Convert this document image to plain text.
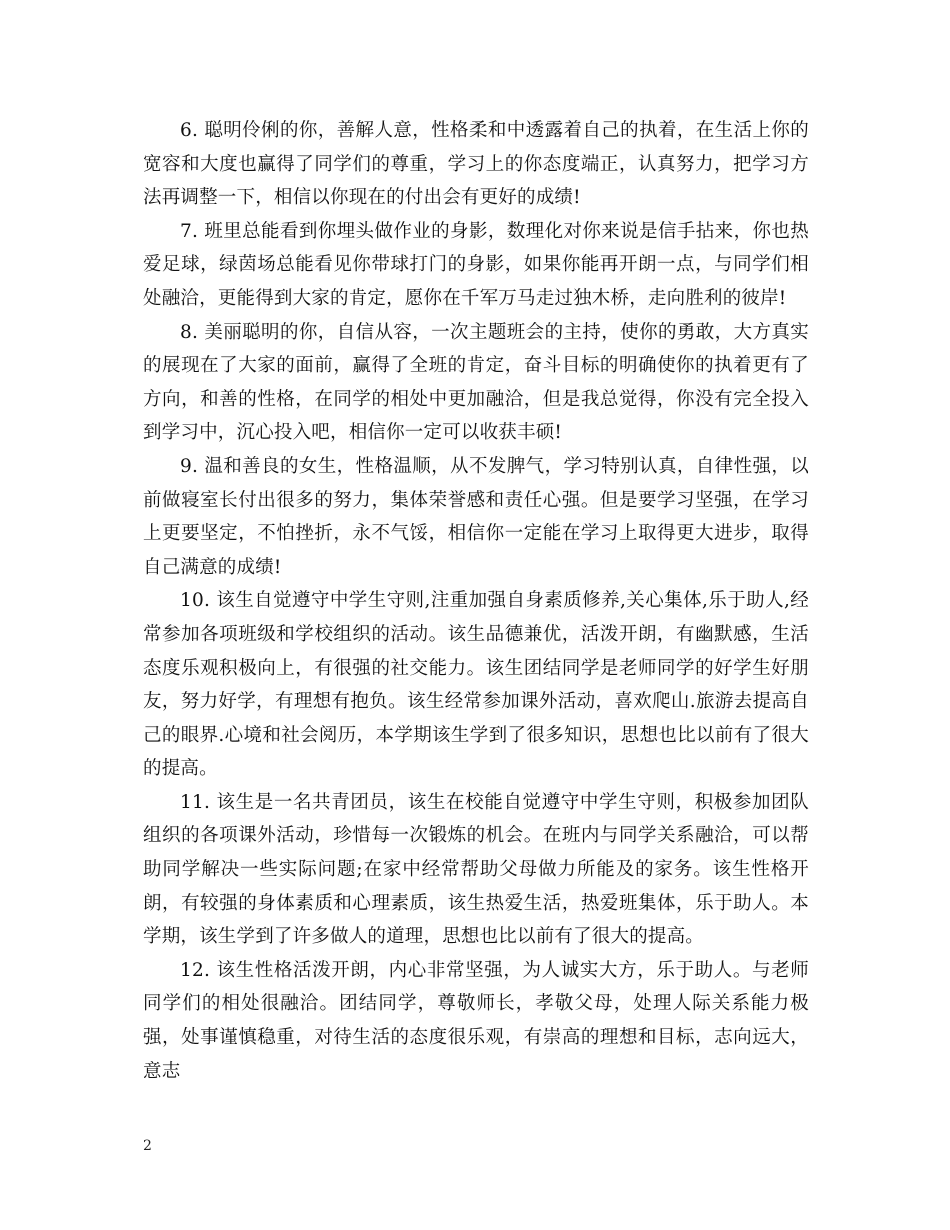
6. 聪明伶俐的你，善解人意，性格柔和中透露着自己的执着，在生活上你的宽容和大度也赢得了同学们的尊重，学习上的你态度端正，认真努力，把学习方法再调整一下，相信以你现在的付出会有更好的成绩!

7. 班里总能看到你埋头做作业的身影，数理化对你来说是信手拈来，你也热爱足球，绿茵场总能看见你带球打门的身影，如果你能再开朗一点，与同学们相处融洽，更能得到大家的肯定，愿你在千军万马走过独木桥，走向胜利的彼岸!

8. 美丽聪明的你，自信从容，一次主题班会的主持，使你的勇敢，大方真实的展现在了大家的面前，赢得了全班的肯定，奋斗目标的明确使你的执着更有了方向，和善的性格，在同学的相处中更加融洽，但是我总觉得，你没有完全投入到学习中，沉心投入吧，相信你一定可以收获丰硕!

9. 温和善良的女生，性格温顺，从不发脾气，学习特别认真，自律性强，以前做寝室长付出很多的努力，集体荣誉感和责任心强。但是要学习坚强，在学习上更要坚定，不怕挫折，永不气馁，相信你一定能在学习上取得更大进步，取得自己满意的成绩!

10. 该生自觉遵守中学生守则,注重加强自身素质修养,关心集体,乐于助人,经常参加各项班级和学校组织的活动。该生品德兼优，活泼开朗，有幽默感，生活态度乐观积极向上，有很强的社交能力。该生团结同学是老师同学的好学生好朋友，努力好学，有理想有抱负。该生经常参加课外活动，喜欢爬山.旅游去提高自己的眼界.心境和社会阅历，本学期该生学到了很多知识，思想也比以前有了很大的提高。

11. 该生是一名共青团员，该生在校能自觉遵守中学生守则，积极参加团队组织的各项课外活动，珍惜每一次锻炼的机会。在班内与同学关系融洽，可以帮助同学解决一些实际问题;在家中经常帮助父母做力所能及的家务。该生性格开朗，有较强的身体素质和心理素质，该生热爱生活，热爱班集体，乐于助人。本学期，该生学到了许多做人的道理，思想也比以前有了很大的提高。

12. 该生性格活泼开朗，内心非常坚强，为人诚实大方，乐于助人。与老师同学们的相处很融洽。团结同学，尊敬师长，孝敬父母，处理人际关系能力极强，处事谨慎稳重，对待生活的态度很乐观，有崇高的理想和目标，志向远大，意志

2
